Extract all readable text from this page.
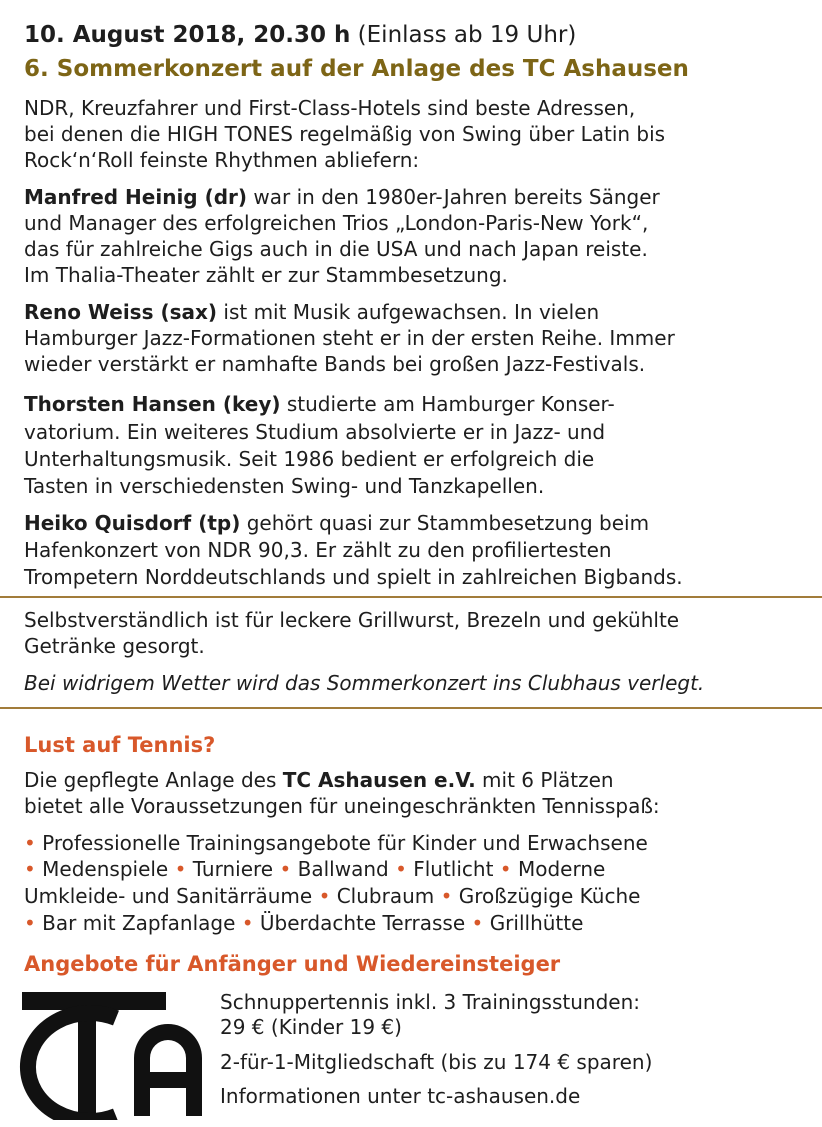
10. August 2018, 20.30 h (Einlass ab 19 Uhr)
6. Sommerkonzert auf der Anlage des TC Ashausen
NDR, Kreuzfahrer und First-Class-Hotels sind beste Adressen,
bei denen die HIGH TONES regelmäßig von Swing über Latin bis
Rock‘n‘Roll feinste Rhythmen abliefern:
Manfred Heinig (dr) war in den 1980er-Jahren bereits Sänger
und Manager des erfolgreichen Trios „London-Paris-New York“,
das für zahlreiche Gigs auch in die USA und nach Japan reiste.
Im Thalia-Theater zählt er zur Stammbesetzung.
Reno Weiss (sax) ist mit Musik aufgewachsen. In vielen
Hamburger Jazz-Formationen steht er in der ersten Reihe. Immer
wieder verstärkt er namhafte Bands bei großen Jazz-Festivals.
Thorsten Hansen (key) studierte am Hamburger Konser-
vatorium. Ein weiteres Studium absolvierte er in Jazz- und
Unterhaltungsmusik. Seit 1986 bedient er erfolgreich die
Tasten in verschiedensten Swing- und Tanzkapellen.
Heiko Quisdorf (tp) gehört quasi zur Stammbesetzung beim
Hafenkonzert von NDR 90,3. Er zählt zu den profiliertesten
Trompetern Norddeutschlands und spielt in zahlreichen Bigbands.
Selbstverständlich ist für leckere Grillwurst, Brezeln und gekühlte
Getränke gesorgt.
Bei widrigem Wetter wird das Sommerkonzert ins Clubhaus verlegt.
Lust auf Tennis?
Die gepflegte Anlage des TC Ashausen e.V. mit 6 Plätzen
bietet alle Voraussetzungen für uneingeschränkten Tennisspaß:
• Professionelle Trainingsangebote für Kinder und Erwachsene
• Medenspiele • Turniere • Ballwand • Flutlicht • Moderne
Umkleide- und Sanitärräume • Clubraum • Großzügige Küche
• Bar mit Zapfanlage • Überdachte Terrasse • Grillhütte
Angebote für Anfänger und Wiedereinsteiger
TCA
Schnuppertennis inkl. 3 Trainingsstunden:
29 € (Kinder 19 €)
2-für-1-Mitgliedschaft (bis zu 174 € sparen)
Informationen unter tc-ashausen.de
